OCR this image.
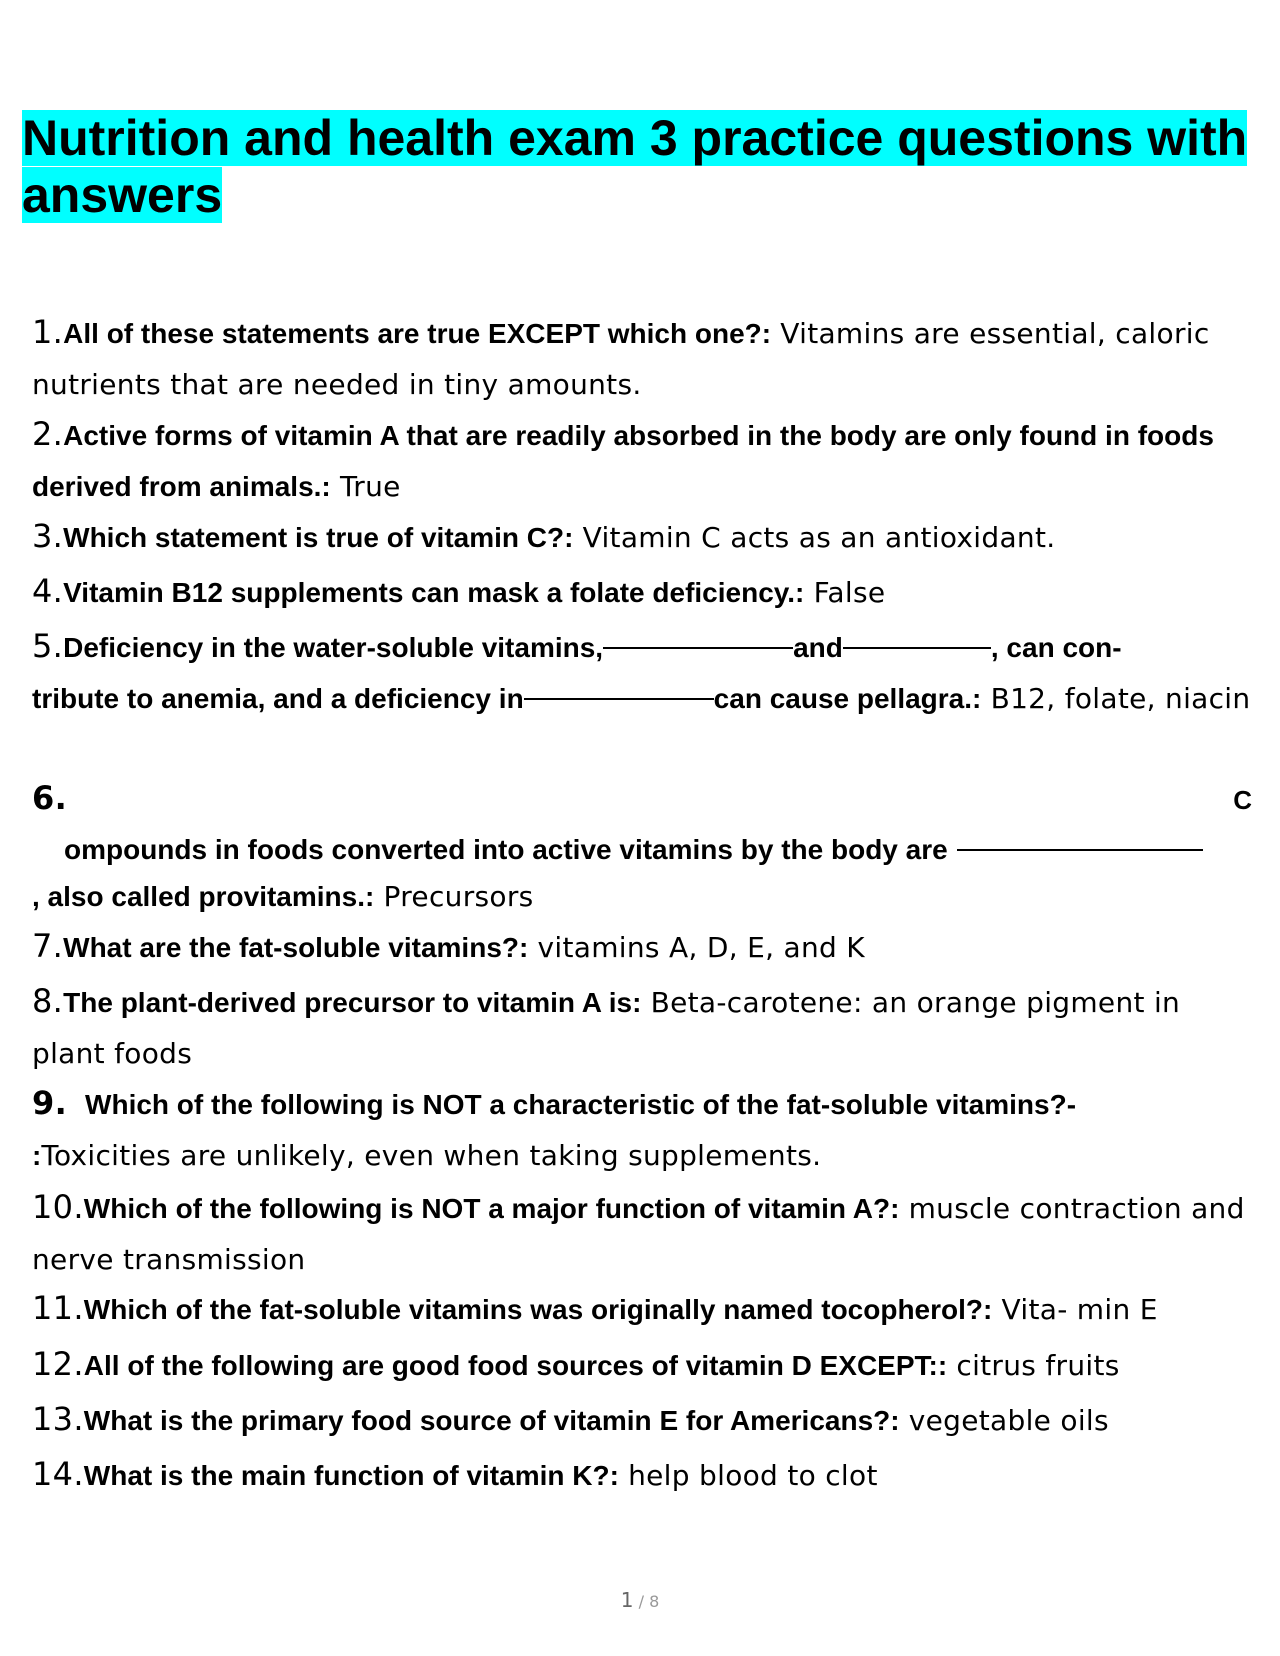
Nutrition and health exam 3 practice questions with answers
1.All of these statements are true EXCEPT which one?: Vitamins are essential, caloric nutrients that are needed in tiny amounts.
2.Active forms of vitamin A that are readily absorbed in the body are only found in foods derived from animals.: True
3.Which statement is true of vitamin C?: Vitamin C acts as an antioxidant.
4.Vitamin B12 supplements can mask a folate deficiency.: False
5.Deficiency in the water-soluble vitamins,	and	, can con-
tribute to anemia, and a deficiency in	can cause pellagra.: B12, folate, niacin
6.	C
ompounds in foods converted into active vitamins by the body are
, also called provitamins.: Precursors
7.What are the fat-soluble vitamins?: vitamins A, D, E, and K
8.The plant-derived precursor to vitamin A is: Beta-carotene: an orange pigment in plant foods
9. Which of the following is NOT a characteristic of the fat-soluble vitamins?-
:Toxicities are unlikely, even when taking supplements.
10.Which of the following is NOT a major function of vitamin A?: muscle contraction and nerve transmission
11.Which of the fat-soluble vitamins was originally named tocopherol?: Vita- min E
12.All of the following are good food sources of vitamin D EXCEPT:: citrus fruits
13.What is the primary food source of vitamin E for Americans?: vegetable oils
14.What is the main function of vitamin K?: help blood to clot
1 / 8
